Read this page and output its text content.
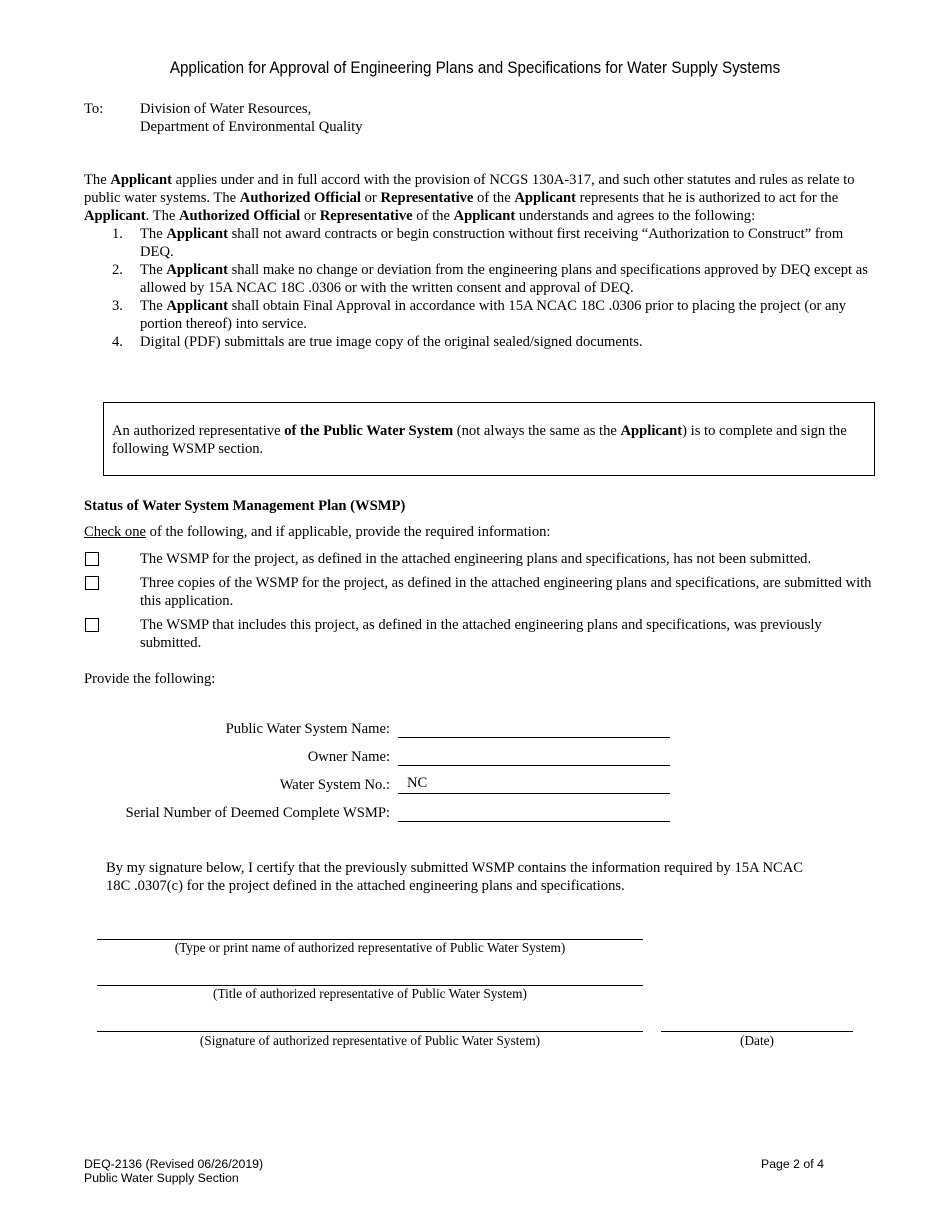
Application for Approval of Engineering Plans and Specifications for Water Supply Systems
To:	Division of Water Resources,
Department of Environmental Quality

The Applicant applies under and in full accord with the provision of NCGS 130A-317, and such other statutes and rules as relate to public water systems. The Authorized Official or Representative of the Applicant represents that he is authorized to act for the Applicant. The Authorized Official or Representative of the Applicant understands and agrees to the following:

1. The Applicant shall not award contracts or begin construction without first receiving “Authorization to Construct” from DEQ.
2. The Applicant shall make no change or deviation from the engineering plans and specifications approved by DEQ except as allowed by 15A NCAC 18C .0306 or with the written consent and approval of DEQ.
3. The Applicant shall obtain Final Approval in accordance with 15A NCAC 18C .0306 prior to placing the project (or any portion thereof) into service.
4. Digital (PDF) submittals are true image copy of the original sealed/signed documents.
An authorized representative of the Public Water System (not always the same as the Applicant) is to complete and sign the following WSMP section.
Status of Water System Management Plan (WSMP)
Check one of the following, and if applicable, provide the required information:
The WSMP for the project, as defined in the attached engineering plans and specifications, has not been submitted.
Three copies of the WSMP for the project, as defined in the attached engineering plans and specifications, are submitted with this application.
The WSMP that includes this project, as defined in the attached engineering plans and specifications, was previously submitted.
Provide the following:
Public Water System Name:
Owner Name:
Water System No.:	NC
Serial Number of Deemed Complete WSMP:
By my signature below, I certify that the previously submitted WSMP contains the information required by 15A NCAC 18C .0307(c) for the project defined in the attached engineering plans and specifications.
(Type or print name of authorized representative of Public Water System)
(Title of authorized representative of Public Water System)
(Signature of authorized representative of Public Water System)	(Date)
DEQ-2136 (Revised 06/26/2019)
Public Water Supply Section
Page 2 of 4
